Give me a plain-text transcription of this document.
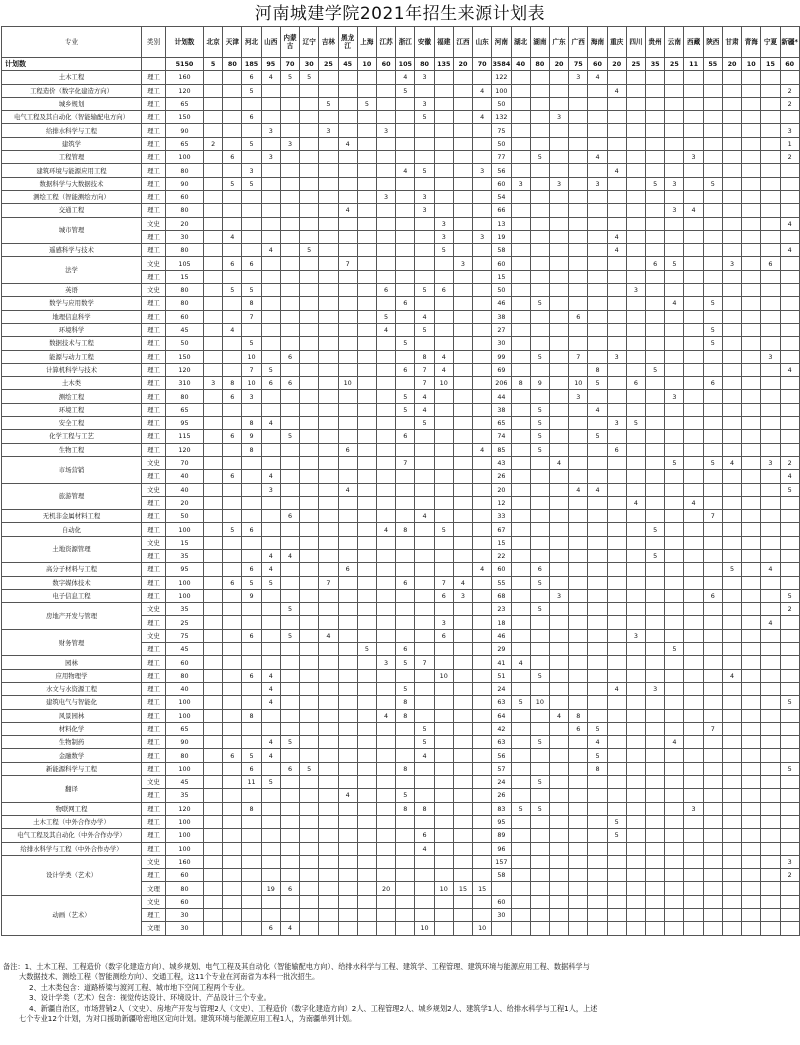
河南城建学院2021年招生来源计划表
专业	类别	计划数	北京	天津	河北	山西	内蒙古	辽宁	吉林	黑龙江	上海	江苏	浙江	安徽	福建	江西	山东	河南	湖北	湖南	广东	广西	海南	重庆	四川	贵州	云南	西藏	陕西	甘肃	青海	宁夏	新疆*
计划数		5150	5	80	185	95	70	30	25	45	10	60	105	80	135	20	70	3584	40	80	20	75	60	20	25	35	25	11	55	20	10	15	60
土木工程	理工	160			6	4	5	5					4	3				122				3	4										
工程造价（数字化建造方向）	理工	120			5								5				4	100						4									2
城乡规划	理工	65							5		5			3				50															2
电气工程及其自动化（智能输配电方向）	理工	150			6									5			4	132			3												
给排水科学与工程	理工	90				3			3			3						75															3
建筑学	理工	65	2		5		3			4								50															1
工程管理	理工	100		6		3												77		5			4					3					2
建筑环境与能源应用工程	理工	80			3								4	5			3	56						4									
数据科学与大数据技术	理工	90		5	5													60	3		3		3			5	3		5				
测绘工程（智能测绘方向）	理工	60										3		3				54															
交通工程	理工	80								4				3				66									3	4					
城市管理	文史	20													3			13															4
	理工	30		4											3		3	19						4									
遥感科学与技术	理工	80				4		5							5			58						4									4
法学	文史	105		6	6					7						3		60								6	5			3		6	
	理工	15																15															
英语	文史	80		5	5							6		5	6			50							3								
数学与应用数学	理工	80			8								6					46		5							4		5				
地理信息科学	理工	60			7							5		4				38				6											
环境科学	理工	45		4								4		5				27											5				
数据技术与工程	理工	50			5								5					30											5				
能源与动力工程	理工	150			10		6							8	4			99		5		7		3								3	
计算机科学与技术	理工	120			7	5							6	7	4			69					8			5							4
土木类	理工	310	3	8	10	6	6			10				7	10			206	8	9		10	5		6				6				
测绘工程	理工	80		6	3								5	4				44				3					3						
环境工程	理工	65											5	4				38		5			4										
安全工程	理工	95			8	4								5				65		5				3	5								
化学工程与工艺	理工	115		6	9		5						6					74		5			5										
生物工程	理工	120			8					6							4	85		5				6									
市场营销	文史	70											7					43			4						5		5	4		3	2
	理工	40		6		4												26															4
旅游管理	文史	40				3				4								20				4	4										5
	理工	20																12							4			4					
无机非金属材料工程	理工	50					6							4				33											7				
自动化	理工	100		5	6							4	8		5			67								5							
土地资源管理	文史	15																15															
	理工	35				4	4											22								5							
高分子材料与工程	理工	95			6	4				6							4	60		6										5		4	
数字媒体技术	理工	100		6	5	5			7				6		7	4		55		5													
电子信息工程	理工	100			9										6	3		68			3								6				5
房地产开发与管理	文史	35					5											23		5													2
	理工	25													3			18														4	
财务管理	文史	75			6		5		4						6			46							3								
	理工	45									5		6					29									5						
园林	理工	60										3	5	7				41	4														
应用物理学	理工	80			6	4									10			51		5										4			
水文与水资源工程	理工	40				4							5					24						4		3							
建筑电气与智能化	理工	100				4							8					63	5	10													5
风景园林	理工	100			8							4	8					64			4	8											
材料化学	理工	65												5				42				6	5						7				
生物制药	理工	90				4	5							5				63		5			4				4						
金融数学	理工	80		6	5	4								4				56					5										
新能源科学与工程	理工	100			6		6	5					8					57					8										5
翻译	文史	45			11	5												24		5													
	理工	35								4			5					26															
物联网工程	理工	120			8								8	8				83	5	5								3					
土木工程（中外合作办学）	理工	100																95						5									
电气工程及其自动化（中外合作办学）	理工	100												6				89						5									
给排水科学与工程（中外合作办学）	理工	100												4				96															
设计学类（艺术）	文史	160																157															3
	理工	60																58															2
	文理	80				19	6					20			10	15	15																
动画（艺术）	文史	60																60															
	理工	30																30															
	文理	30				6	4							10			10																
备注：1、土木工程、工程造价（数字化建造方向）、城乡规划、电气工程及其自动化（智能输配电方向）、给排水科学与工程、建筑学、工程管理、建筑环境与能源应用工程、数据科学与
大数据技术、测绘工程（智能测绘方向）、交通工程，这11个专业在河南省为本科一批次招生。
2、土木类包含：道路桥梁与渡河工程、城市地下空间工程两个专业。
3、设计学类（艺术）包含：视觉传达设计、环境设计、产品设计三个专业。
4、新疆自治区，市场营销2人（文史）、房地产开发与管理2人（文史）、工程造价（数字化建造方向）2人、工程管理2人、城乡规划2人、建筑学1人、给排水科学与工程1人，上述
七个专业12个计划，为对口援助新疆哈密地区定向计划。建筑环境与能源应用工程1人，为南疆单列计划。
